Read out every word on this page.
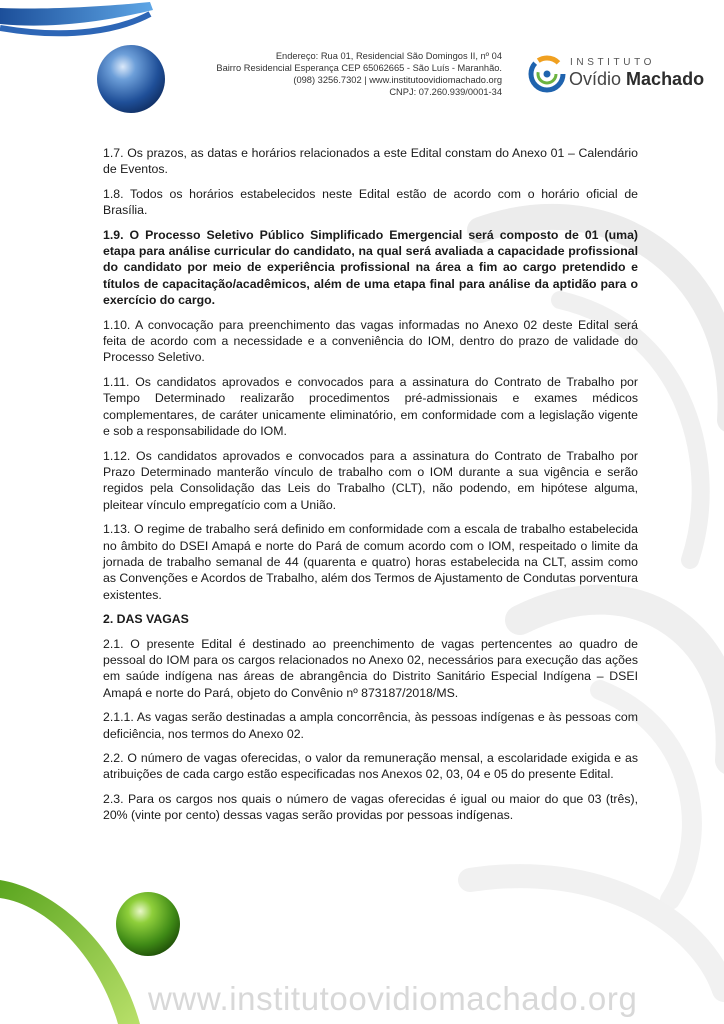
Endereço: Rua 01, Residencial São Domingos II, nº 04
Bairro Residencial Esperança CEP 65062665 - São Luís - Maranhão.
(098) 3256.7302 | www.institutoovidiomachado.org
CNPJ: 07.260.939/0001-34
INSTITUTO
Ovídio Machado

1.7. Os prazos, as datas e horários relacionados a este Edital constam do Anexo 01 – Calendário de Eventos.

1.8. Todos os horários estabelecidos neste Edital estão de acordo com o horário oficial de Brasília.

1.9. O Processo Seletivo Público Simplificado Emergencial será composto de 01 (uma) etapa para análise curricular do candidato, na qual será avaliada a capacidade profissional do candidato por meio de experiência profissional na área a fim ao cargo pretendido e títulos de capacitação/acadêmicos, além de uma etapa final para análise da aptidão para o exercício do cargo.

1.10. A convocação para preenchimento das vagas informadas no Anexo 02 deste Edital será feita de acordo com a necessidade e a conveniência do IOM, dentro do prazo de validade do Processo Seletivo.

1.11. Os candidatos aprovados e convocados para a assinatura do Contrato de Trabalho por Tempo Determinado realizarão procedimentos pré-admissionais e exames médicos complementares, de caráter unicamente eliminatório, em conformidade com a legislação vigente e sob a responsabilidade do IOM.

1.12. Os candidatos aprovados e convocados para a assinatura do Contrato de Trabalho por Prazo Determinado manterão vínculo de trabalho com o IOM durante a sua vigência e serão regidos pela Consolidação das Leis do Trabalho (CLT), não podendo, em hipótese alguma, pleitear vínculo empregatício com a União.

1.13. O regime de trabalho será definido em conformidade com a escala de trabalho estabelecida no âmbito do DSEI Amapá e norte do Pará de comum acordo com o IOM, respeitado o limite da jornada de trabalho semanal de 44 (quarenta e quatro) horas estabelecida na CLT, assim como as Convenções e Acordos de Trabalho, além dos Termos de Ajustamento de Condutas porventura existentes.

2. DAS VAGAS

2.1. O presente Edital é destinado ao preenchimento de vagas pertencentes ao quadro de pessoal do IOM para os cargos relacionados no Anexo 02, necessários para execução das ações em saúde indígena nas áreas de abrangência do Distrito Sanitário Especial Indígena – DSEI Amapá e norte do Pará, objeto do Convênio nº 873187/2018/MS.

2.1.1. As vagas serão destinadas a ampla concorrência, às pessoas indígenas e às pessoas com deficiência, nos termos do Anexo 02.

2.2. O número de vagas oferecidas, o valor da remuneração mensal, a escolaridade exigida e as atribuições de cada cargo estão especificadas nos Anexos 02, 03, 04 e 05 do presente Edital.

2.3. Para os cargos nos quais o número de vagas oferecidas é igual ou maior do que 03 (três), 20% (vinte por cento) dessas vagas serão providas por pessoas indígenas.

www.institutoovidiomachado.org
